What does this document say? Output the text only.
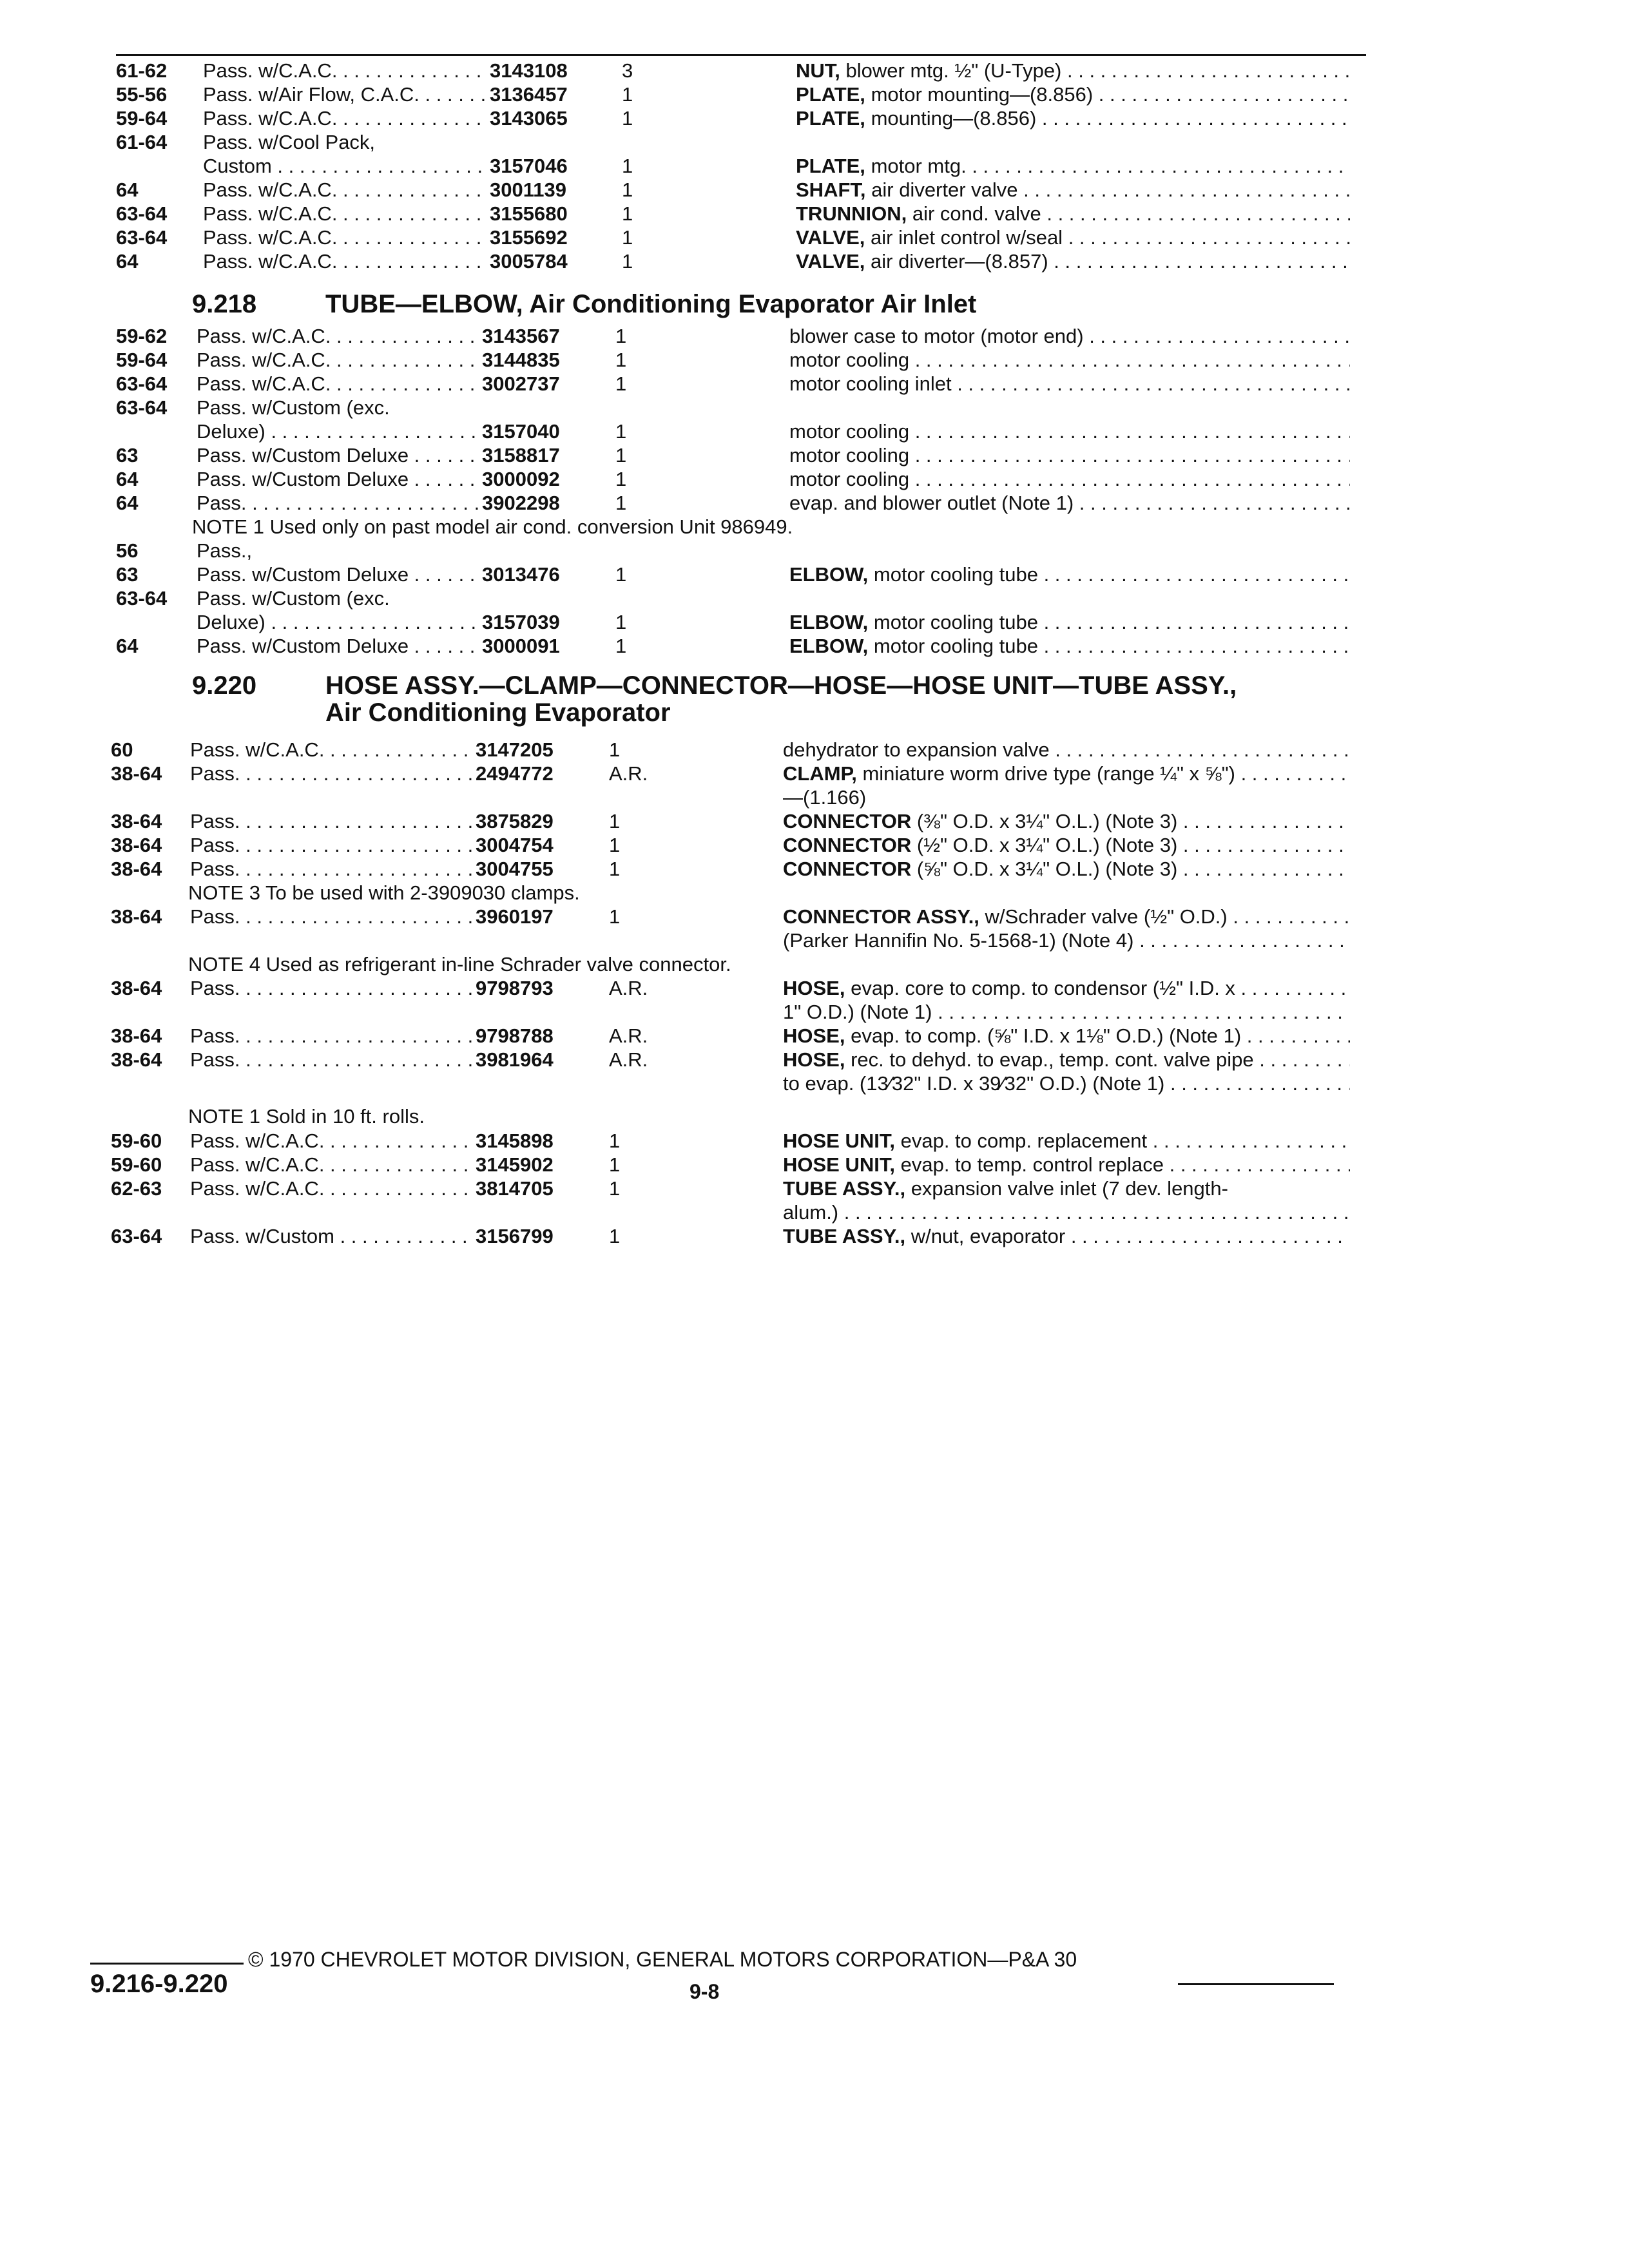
61-62 Pass. w/C.A.C. . . .	3143108	3	NUT, blower mtg. ½" (U-Type) . . .
55-56 Pass. w/Air Flow, C.A.C. . . .	3136457	1	PLATE, motor mounting—(8.856) . . .
59-64 Pass. w/C.A.C. . . .	3143065	1	PLATE, mounting—(8.856) . . .
61-64 Pass. w/Cool Pack,
Custom . . .	3157046	1	PLATE, motor mtg. . . .
64	Pass. w/C.A.C. . . .	3001139	1	SHAFT, air diverter valve . . .
63-64 Pass. w/C.A.C. . . .	3155680	1	TRUNNION, air cond. valve . . .
63-64 Pass. w/C.A.C. . . .	3155692	1	VALVE, air inlet control w/seal . . .
64	Pass. w/C.A.C. . . .	3005784	1	VALVE, air diverter—(8.857) . . .
9.218	TUBE—ELBOW, Air Conditioning Evaporator Air Inlet
59-62 Pass. w/C.A.C. . . .	3143567	1	blower case to motor (motor end) . . .
59-64 Pass. w/C.A.C. . . .	3144835	1	motor cooling . . .
63-64 Pass. w/C.A.C. . . .	3002737	1	motor cooling inlet . . .
63-64 Pass. w/Custom (exc.
Deluxe) . . .	3157040	1	motor cooling . . .
63	Pass. w/Custom Deluxe . . .	3158817	1	motor cooling . . .
64	Pass. w/Custom Deluxe . . .	3000092	1	motor cooling . . .
64	Pass. . . .	3902298	1	evap. and blower outlet (Note 1) . . .
NOTE 1 Used only on past model air cond. conversion Unit 986949.
56	Pass.,
63	Pass. w/Custom Deluxe . . .	3013476	1	ELBOW, motor cooling tube . . .
63-64 Pass. w/Custom (exc.
Deluxe) . . .	3157039	1	ELBOW, motor cooling tube . . .
64	Pass. w/Custom Deluxe . . .	3000091	1	ELBOW, motor cooling tube . . .
9.220	HOSE ASSY.—CLAMP—CONNECTOR—HOSE—HOSE UNIT—TUBE ASSY.,
Air Conditioning Evaporator
60	Pass. w/C.A.C. . . .	3147205	1	dehydrator to expansion valve . . .
38-64 Pass. . . .	2494772	A.R.	CLAMP, miniature worm drive type (range ¼" x ⅝") . . .
—(1.166)
38-64 Pass. . . .	3875829	1	CONNECTOR (⅜" O.D. x 3¼" O.L.) (Note 3) . . .
38-64 Pass. . . .	3004754	1	CONNECTOR (½" O.D. x 3¼" O.L.) (Note 3) . . .
38-64 Pass. . . .	3004755	1	CONNECTOR (⅝" O.D. x 3¼" O.L.) (Note 3) . . .
NOTE 3 To be used with 2-3909030 clamps.
38-64 Pass. . . .	3960197	1	CONNECTOR ASSY., w/Schrader valve (½" O.D.) . . .
(Parker Hannifin No. 5-1568-1) (Note 4) . . .
NOTE 4 Used as refrigerant in-line Schrader valve connector.
38-64 Pass. . . .	9798793	A.R.	HOSE, evap. core to comp. to condensor (½" I.D. x . . .
1" O.D.) (Note 1) . . .
38-64 Pass. . . .	9798788	A.R.	HOSE, evap. to comp. (⅝" I.D. x 1⅛" O.D.) (Note 1) . . .
38-64 Pass. . . .	3981964	A.R.	HOSE, rec. to dehyd. to evap., temp. cont. valve pipe . . .
to evap. (13⁄32" I.D. x 39⁄32" O.D.) (Note 1) . . .
NOTE 1 Sold in 10 ft. rolls.
59-60 Pass. w/C.A.C. . . .	3145898	1	HOSE UNIT, evap. to comp. replacement . . .
59-60 Pass. w/C.A.C. . . .	3145902	1	HOSE UNIT, evap. to temp. control replace . . .
62-63 Pass. w/C.A.C. . . .	3814705	1	TUBE ASSY., expansion valve inlet (7 dev. length-
alum.) . . .
63-64 Pass. w/Custom . . .	3156799	1	TUBE ASSY., w/nut, evaporator . . .
© 1970 CHEVROLET MOTOR DIVISION, GENERAL MOTORS CORPORATION—P&A 30
9.216-9.220	9-8
